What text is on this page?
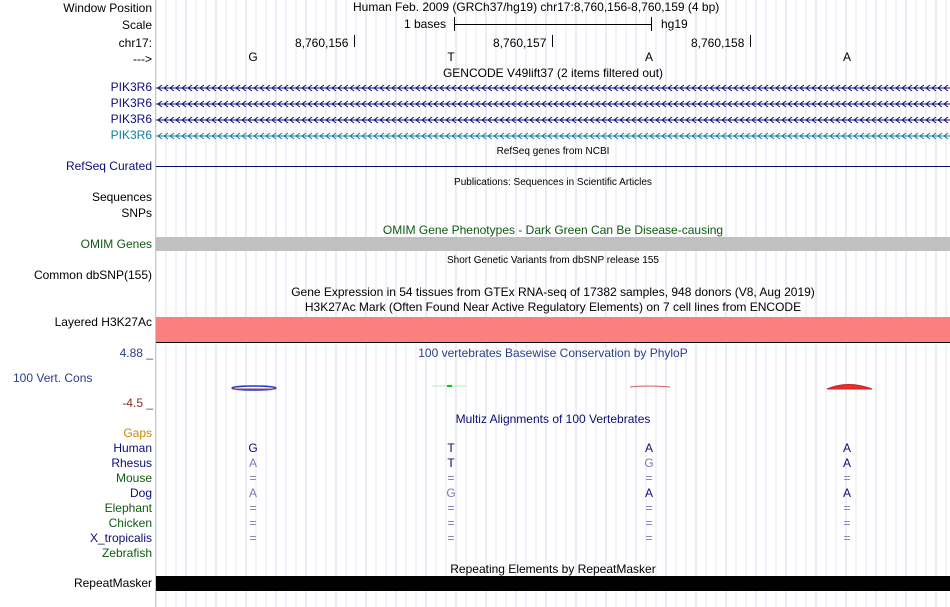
Window Position	Human Feb. 2009 (GRCh37/hg19) chr17:8,760,156-8,760,159 (4 bp)
Scale	1 bases	hg19
chr17:	8,760,156	8,760,157	8,760,158
--->	G	T	A	A
GENCODE V49lift37 (2 items filtered out)
PIK3R6
PIK3R6
PIK3R6
PIK3R6
RefSeq genes from NCBI
RefSeq Curated
Publications: Sequences in Scientific Articles
Sequences
SNPs
OMIM Gene Phenotypes - Dark Green Can Be Disease-causing
OMIM Genes
Short Genetic Variants from dbSNP release 155
Common dbSNP(155)
Gene Expression in 54 tissues from GTEx RNA-seq of 17382 samples, 948 donors (V8, Aug 2019)
H3K27Ac Mark (Often Found Near Active Regulatory Elements) on 7 cell lines from ENCODE
Layered H3K27Ac
4.88 _	100 vertebrates Basewise Conservation by PhyloP
100 Vert. Cons
-4.5 _
Multiz Alignments of 100 Vertebrates
Gaps
Human	G	T	A	A
Rhesus	A	T	G	A
Mouse	=	=	=	=
Dog	A	G	A	A
Elephant	=	=	=	=
Chicken	=	=	=	=
X_tropicalis	=	=	=	=
Zebrafish
Repeating Elements by RepeatMasker
RepeatMasker
